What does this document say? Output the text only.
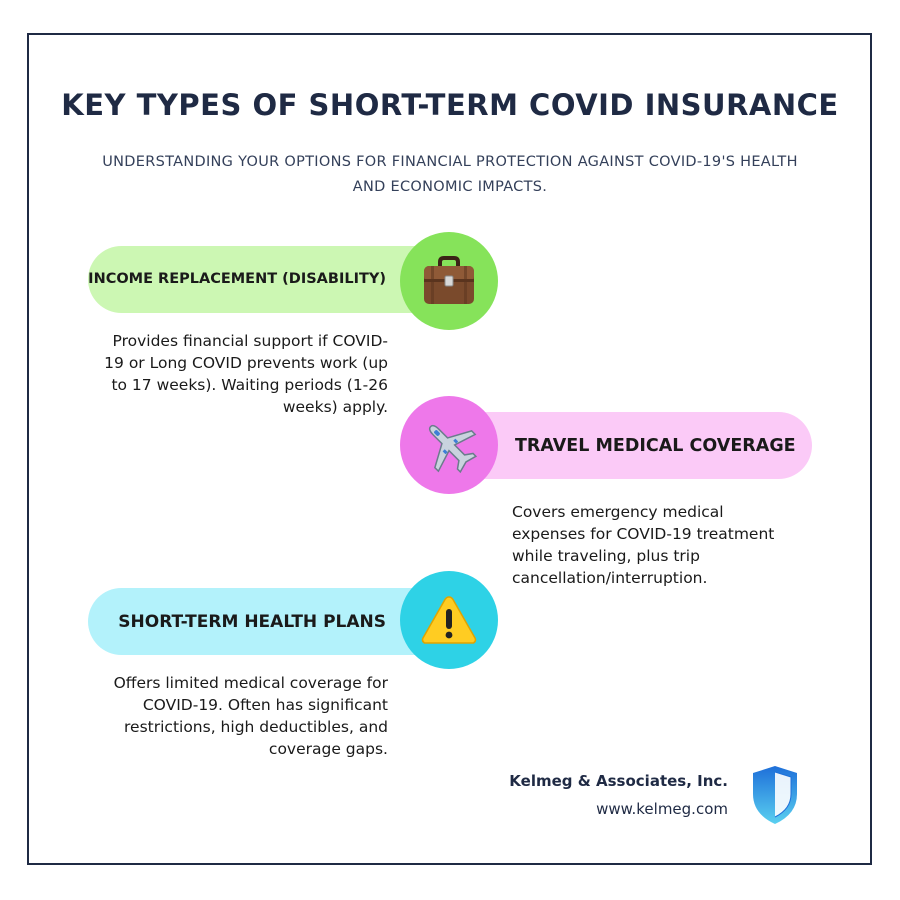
KEY TYPES OF SHORT-TERM COVID INSURANCE
UNDERSTANDING YOUR OPTIONS FOR FINANCIAL PROTECTION AGAINST COVID-19'S HEALTH AND ECONOMIC IMPACTS.
INCOME REPLACEMENT (DISABILITY)
Provides financial support if COVID-19 or Long COVID prevents work (up to 17 weeks). Waiting periods (1-26 weeks) apply.
TRAVEL MEDICAL COVERAGE
Covers emergency medical expenses for COVID-19 treatment while traveling, plus trip cancellation/interruption.
SHORT-TERM HEALTH PLANS
Offers limited medical coverage for COVID-19. Often has significant restrictions, high deductibles, and coverage gaps.
Kelmeg & Associates, Inc.
www.kelmeg.com
